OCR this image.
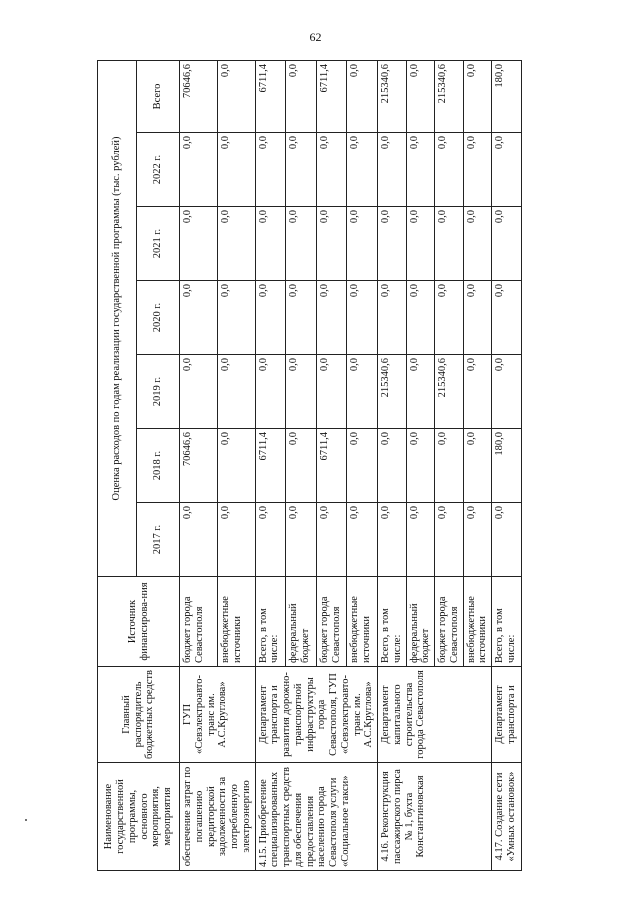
62
Наименование государственной программы, основного мероприятия, мероприятия	Главный распорядитель бюджетных средств	Источник финансирова-ния	Оценка расходов по годам реализации государственной программы (тыс. рублей)						
			2017 г.	2018 г.	2019 г.	2020 г.	2021 г.	2022 г.	Всего
обеспечение затрат по погашению кредиторской задолженности за потребленную электроэнергию	ГУП «Севэлектроавто-транс им. А.С.Круглова»	бюджет города Севастополя	0,0	70646,6	0,0	0,0	0,0	0,0	70646,6
		внебюджетные источники	0,0	0,0	0,0	0,0	0,0	0,0	0,0
4.15. Приобретение специализированных транспортных средств для обеспечения предоставления населению города Севастополя услуги «Социальное такси»	Департамент транспорта и развития дорожно-транспортной инфраструктуры города Севастополя, ГУП «Севэлектроавто-транс им. А.С.Круглова»	Всего, в том числе:	0,0	6711,4	0,0	0,0	0,0	0,0	6711,4
		федеральный бюджет	0,0	0,0	0,0	0,0	0,0	0,0	0,0
		бюджет города Севастополя	0,0	6711,4	0,0	0,0	0,0	0,0	6711,4
		внебюджетные источники	0,0	0,0	0,0	0,0	0,0	0,0	0,0
4.16. Реконструкция пассажирского пирса № 1, бухта Константиновская	Департамент капитального строительства города Севастополя	Всего, в том числе:	0,0	0,0	215340,6	0,0	0,0	0,0	215340,6
		федеральный бюджет	0,0	0,0	0,0	0,0	0,0	0,0	0,0
		бюджет города Севастополя	0,0	0,0	215340,6	0,0	0,0	0,0	215340,6
		внебюджетные источники	0,0	0,0	0,0	0,0	0,0	0,0	0,0
4.17. Создание сети «Умных остановок»	Департамент транспорта и	Всего, в том числе:	0,0	180,0	0,0	0,0	0,0	0,0	180,0
